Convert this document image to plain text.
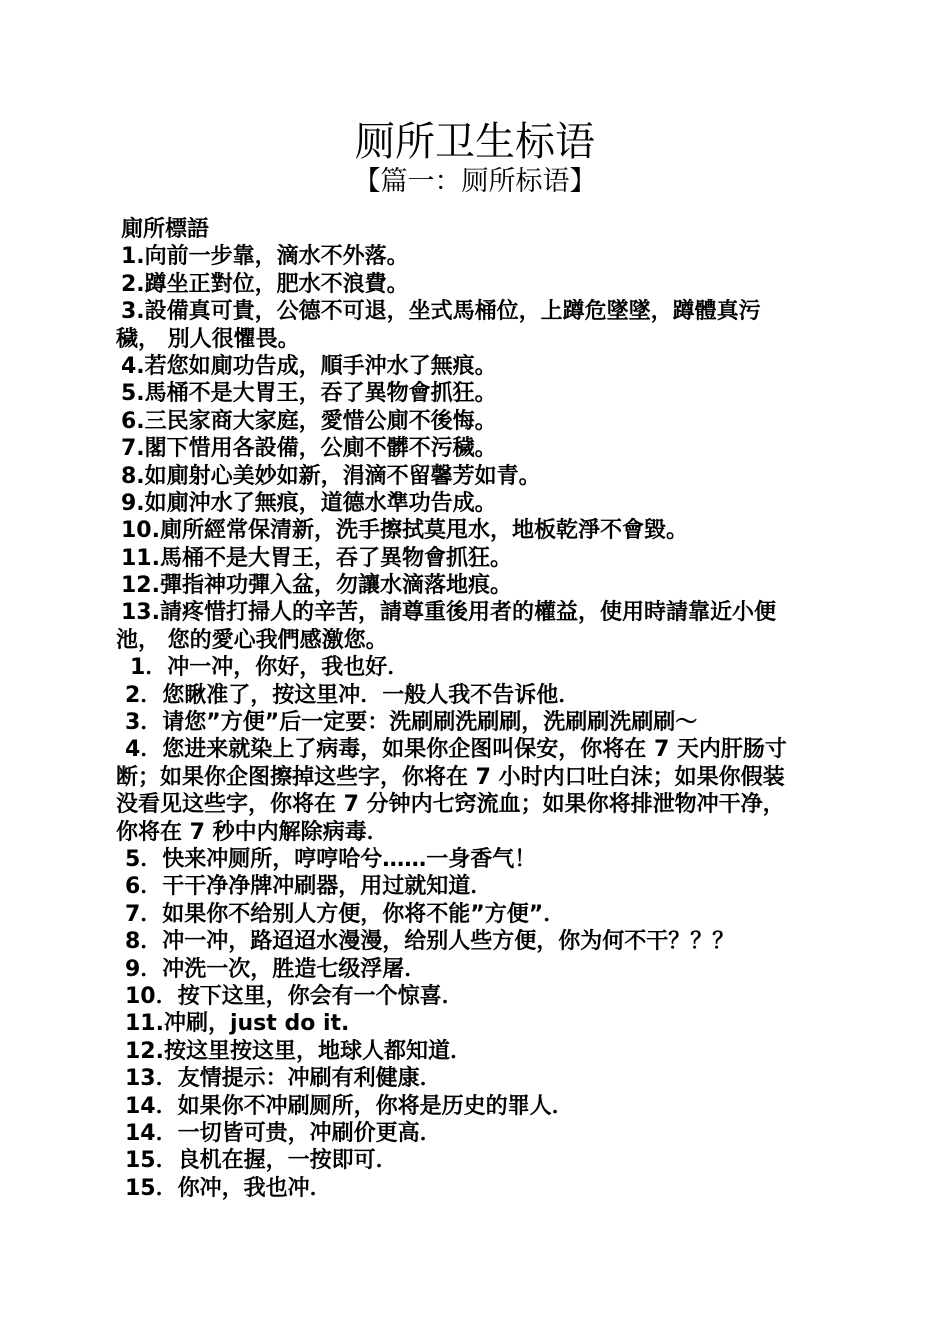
厕所卫生标语
【篇一：厕所标语】
廁所標語
1.向前一步靠，滴水不外落。
2.蹲坐正對位，肥水不浪費。
3.設備真可貴，公德不可退，坐式馬桶位，上蹲危墜墜，蹲體真污
穢， 別人很懼畏。
4.若您如廁功告成，順手沖水了無痕。
5.馬桶不是大胃王，吞了異物會抓狂。
6.三民家商大家庭，愛惜公廁不後悔。
7.閣下惜用各設備，公廁不髒不污穢。
8.如廁射心美妙如新，涓滴不留馨芳如青。
9.如廁沖水了無痕，道德水準功告成。
10.廁所經常保清新，洗手擦拭莫甩水，地板乾淨不會毀。
11.馬桶不是大胃王，吞了異物會抓狂。
12.彈指神功彈入盆，勿讓水滴落地痕。
13.請疼惜打掃人的辛苦，請尊重後用者的權益，使用時請靠近小便
池， 您的愛心我們感激您。
1．冲一冲，你好，我也好．
2．您瞅准了，按这里冲．一般人我不告诉他．
3．请您”方便”后一定要：洗刷刷洗刷刷，洗刷刷洗刷刷～
4．您进来就染上了病毒，如果你企图叫保安，你将在 7 天内肝肠寸
断；如果你企图擦掉这些字，你将在 7 小时内口吐白沫；如果你假装
没看见这些字，你将在 7 分钟内七窍流血；如果你将排泄物冲干净，
你将在 7 秒中内解除病毒．
5．快来冲厕所，哼哼哈兮……一身香气！
6．干干净净牌冲刷器，用过就知道．
7．如果你不给别人方便，你将不能”方便”．
8．冲一冲，路迢迢水漫漫，给别人些方便，你为何不干？？？
9．冲洗一次，胜造七级浮屠．
10．按下这里，你会有一个惊喜．
11.冲刷，just do it.
12.按这里按这里，地球人都知道．
13．友情提示：冲刷有利健康．
14．如果你不冲刷厕所，你将是历史的罪人．
14．一切皆可贵，冲刷价更高．
15．良机在握，一按即可．
15．你冲，我也冲．
